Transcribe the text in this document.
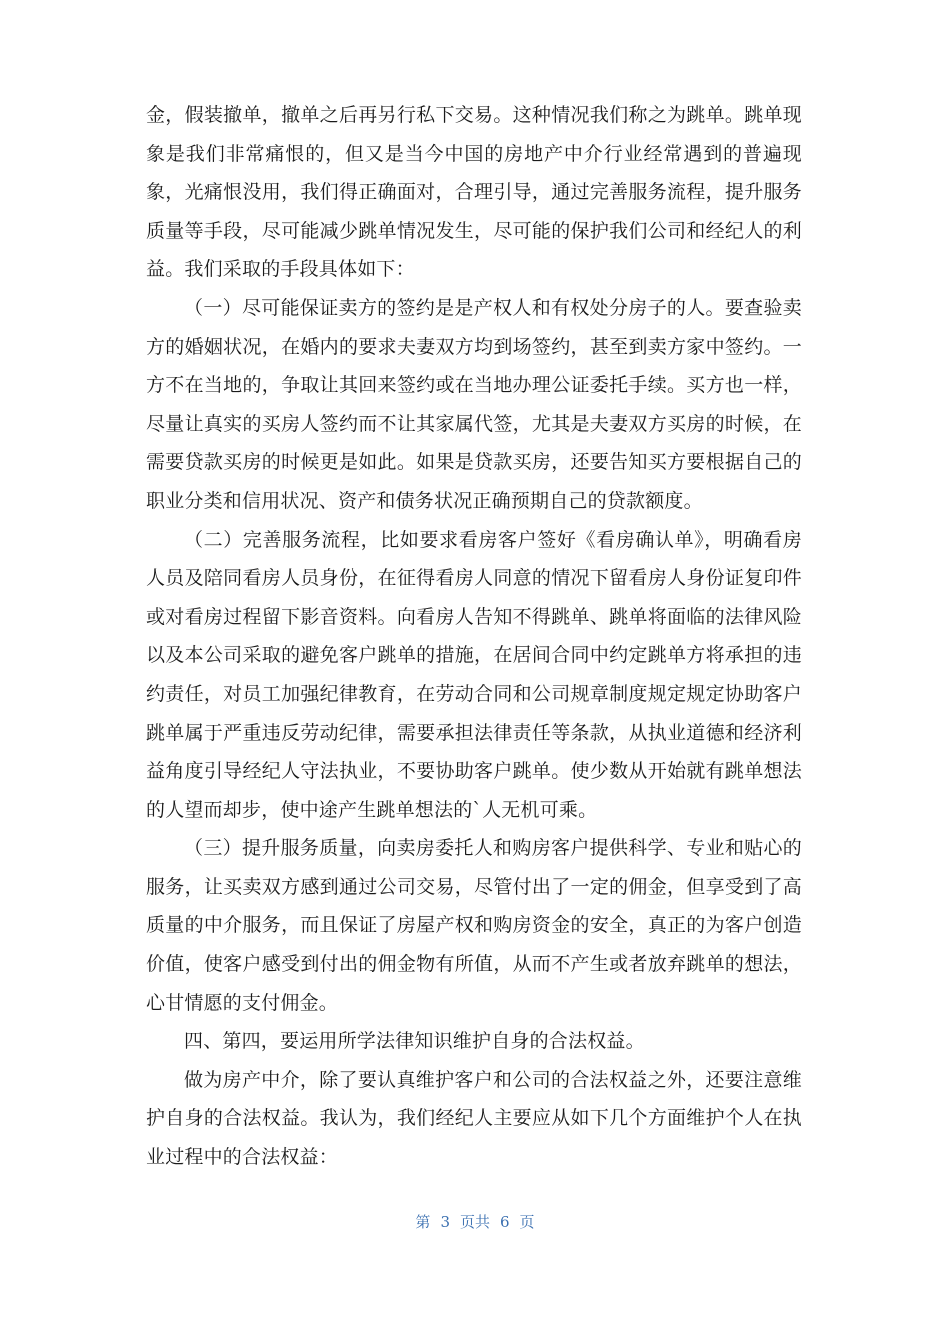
金，假装撤单，撤单之后再另行私下交易。这种情况我们称之为跳单。跳单现象是我们非常痛恨的，但又是当今中国的房地产中介行业经常遇到的普遍现象，光痛恨没用，我们得正确面对，合理引导，通过完善服务流程，提升服务质量等手段，尽可能减少跳单情况发生，尽可能的保护我们公司和经纪人的利益。我们采取的手段具体如下：

（一）尽可能保证卖方的签约是是产权人和有权处分房子的人。要查验卖方的婚姻状况，在婚内的要求夫妻双方均到场签约，甚至到卖方家中签约。一方不在当地的，争取让其回来签约或在当地办理公证委托手续。买方也一样，尽量让真实的买房人签约而不让其家属代签，尤其是夫妻双方买房的时候，在需要贷款买房的时候更是如此。如果是贷款买房，还要告知买方要根据自己的职业分类和信用状况、资产和债务状况正确预期自己的贷款额度。

（二）完善服务流程，比如要求看房客户签好《看房确认单》，明确看房人员及陪同看房人员身份，在征得看房人同意的情况下留看房人身份证复印件或对看房过程留下影音资料。向看房人告知不得跳单、跳单将面临的法律风险以及本公司采取的避免客户跳单的措施，在居间合同中约定跳单方将承担的违约责任，对员工加强纪律教育，在劳动合同和公司规章制度规定规定协助客户跳单属于严重违反劳动纪律，需要承担法律责任等条款，从执业道德和经济利益角度引导经纪人守法执业，不要协助客户跳单。使少数从开始就有跳单想法的人望而却步，使中途产生跳单想法的`人无机可乘。

（三）提升服务质量，向卖房委托人和购房客户提供科学、专业和贴心的服务，让买卖双方感到通过公司交易，尽管付出了一定的佣金，但享受到了高质量的中介服务，而且保证了房屋产权和购房资金的安全，真正的为客户创造价值，使客户感受到付出的佣金物有所值，从而不产生或者放弃跳单的想法，心甘情愿的支付佣金。

四、第四，要运用所学法律知识维护自身的合法权益。

做为房产中介，除了要认真维护客户和公司的合法权益之外，还要注意维护自身的合法权益。我认为，我们经纪人主要应从如下几个方面维护个人在执业过程中的合法权益：

第 3 页共 6 页
